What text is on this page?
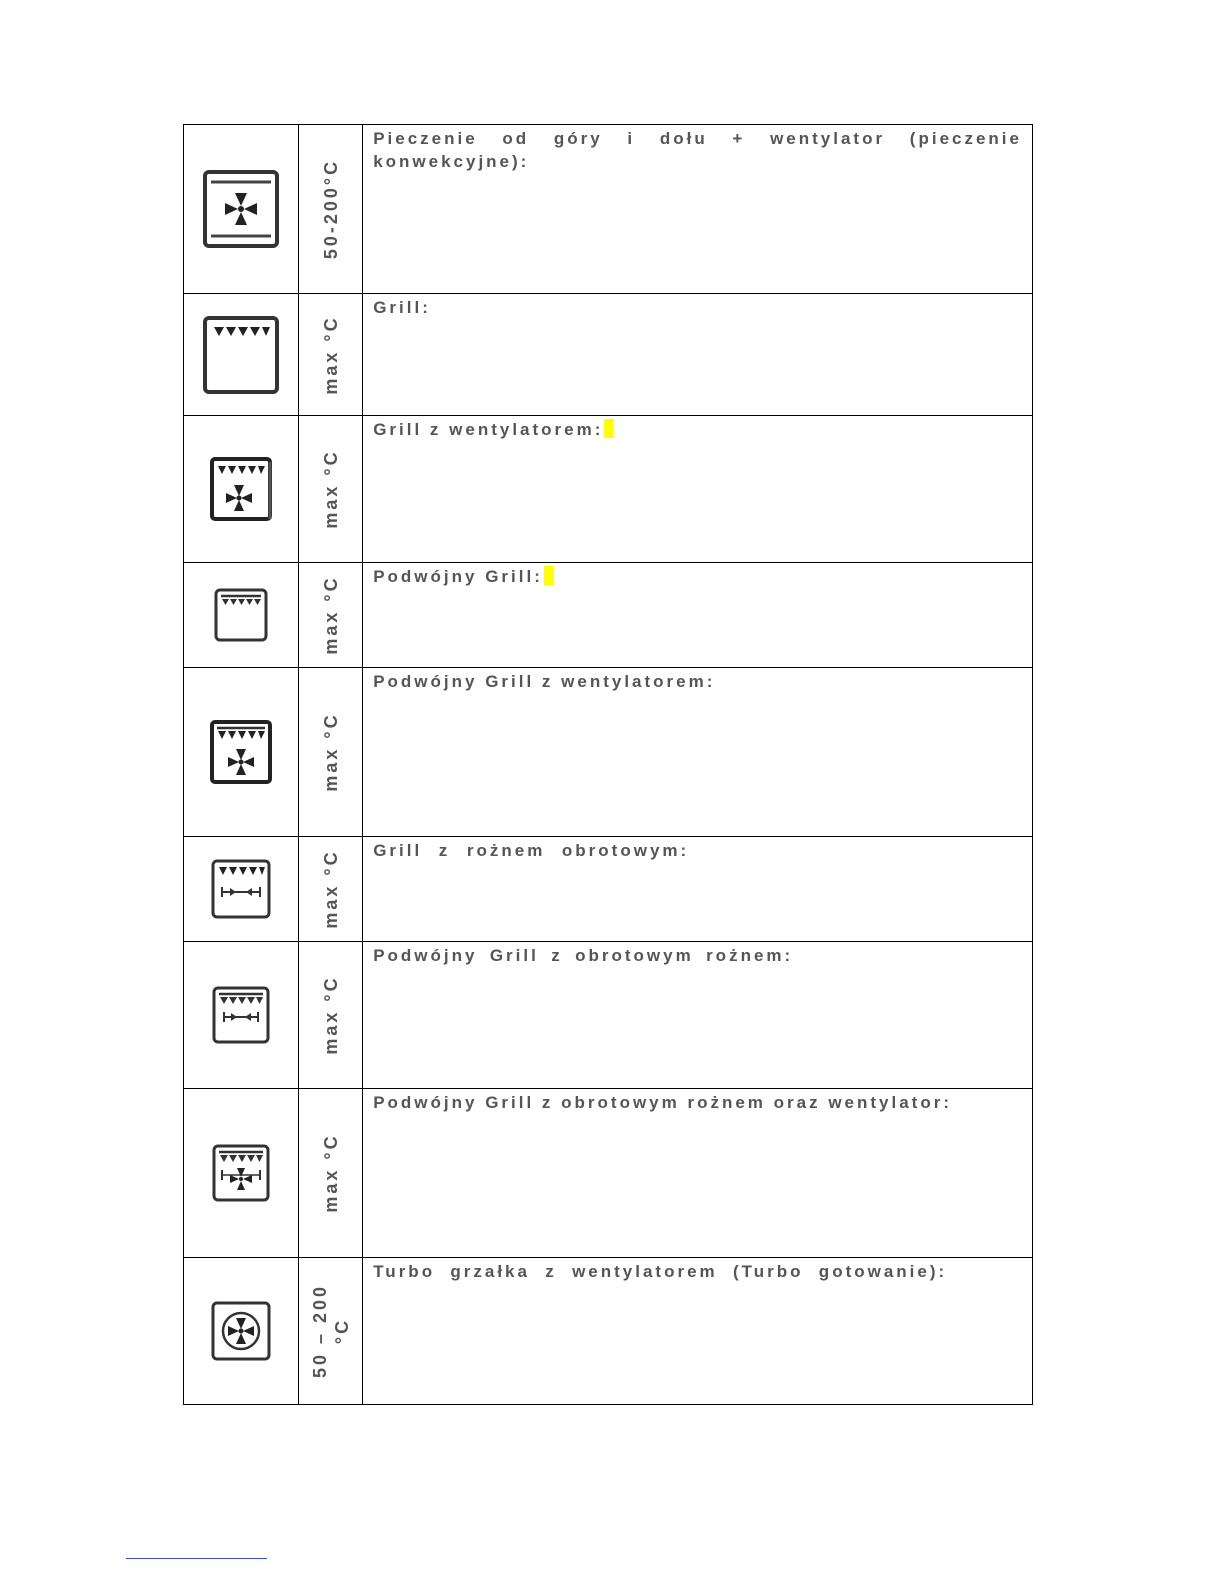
50-200°C	Pieczenie od góry i dołu + wentylator (pieczenie konwekcyjne):

max °C	Grill:

max °C	Grill z wentylatorem:

max °C	Podwójny Grill:

max °C	Podwójny Grill z wentylatorem:

max °C	Grill z rożnem obrotowym:

max °C	Podwójny Grill z obrotowym rożnem:

max °C	Podwójny Grill z obrotowym rożnem oraz wentylator:

50 – 200 °C	Turbo grzałka z wentylatorem (Turbo gotowanie):
